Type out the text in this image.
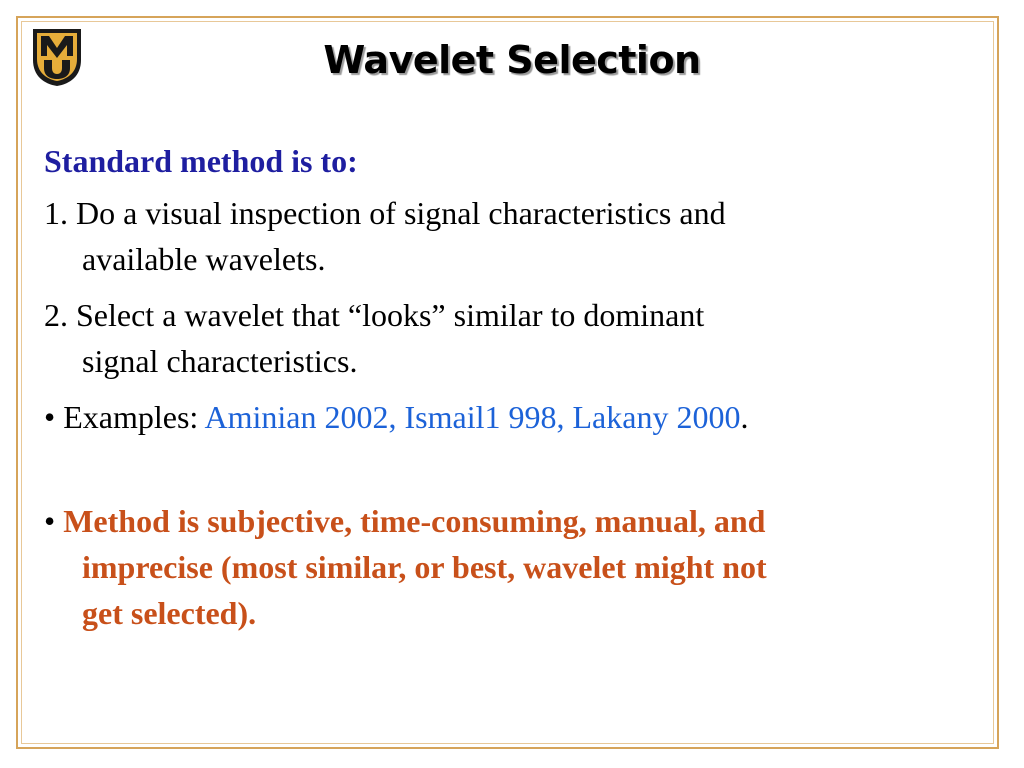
Wavelet Selection
Standard method is to:
1. Do a visual inspection of signal characteristics and
available wavelets.
2. Select a wavelet that “looks” similar to dominant
signal characteristics.
• Examples: Aminian 2002, Ismail1 998, Lakany 2000.
• Method is subjective, time-consuming, manual, and
imprecise (most similar, or best, wavelet might not
get selected).
